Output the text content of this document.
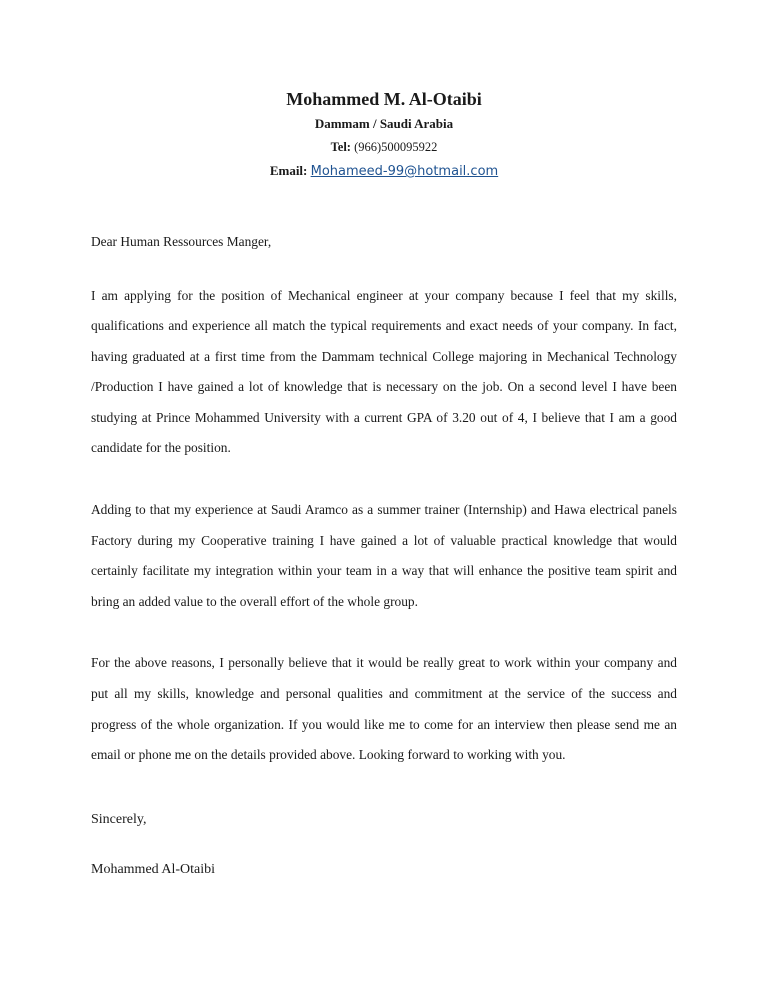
Mohammed M. Al-Otaibi
Dammam / Saudi Arabia
Tel: (966)500095922
Email: Mohameed-99@hotmail.com

Dear Human Ressources Manger,

I am applying for the position of Mechanical engineer at your company because I feel that my skills, qualifications and experience all match the typical requirements and exact needs of your company. In fact, having graduated at a first time from the Dammam technical College majoring in Mechanical Technology /Production I have gained a lot of knowledge that is necessary on the job. On a second level I have been studying at Prince Mohammed University with a current GPA of 3.20 out of 4, I believe that I am a good candidate for the position.

Adding to that my experience at Saudi Aramco as a summer trainer (Internship) and Hawa electrical panels Factory during my Cooperative training I have gained a lot of valuable practical knowledge that would certainly facilitate my integration within your team in a way that will enhance the positive team spirit and bring an added value to the overall effort of the whole group.

For the above reasons, I personally believe that it would be really great to work within your company and put all my skills, knowledge and personal qualities and commitment at the service of the success and progress of the whole organization. If you would like me to come for an interview then please send me an email or phone me on the details provided above. Looking forward to working with you.

Sincerely,

Mohammed Al-Otaibi
